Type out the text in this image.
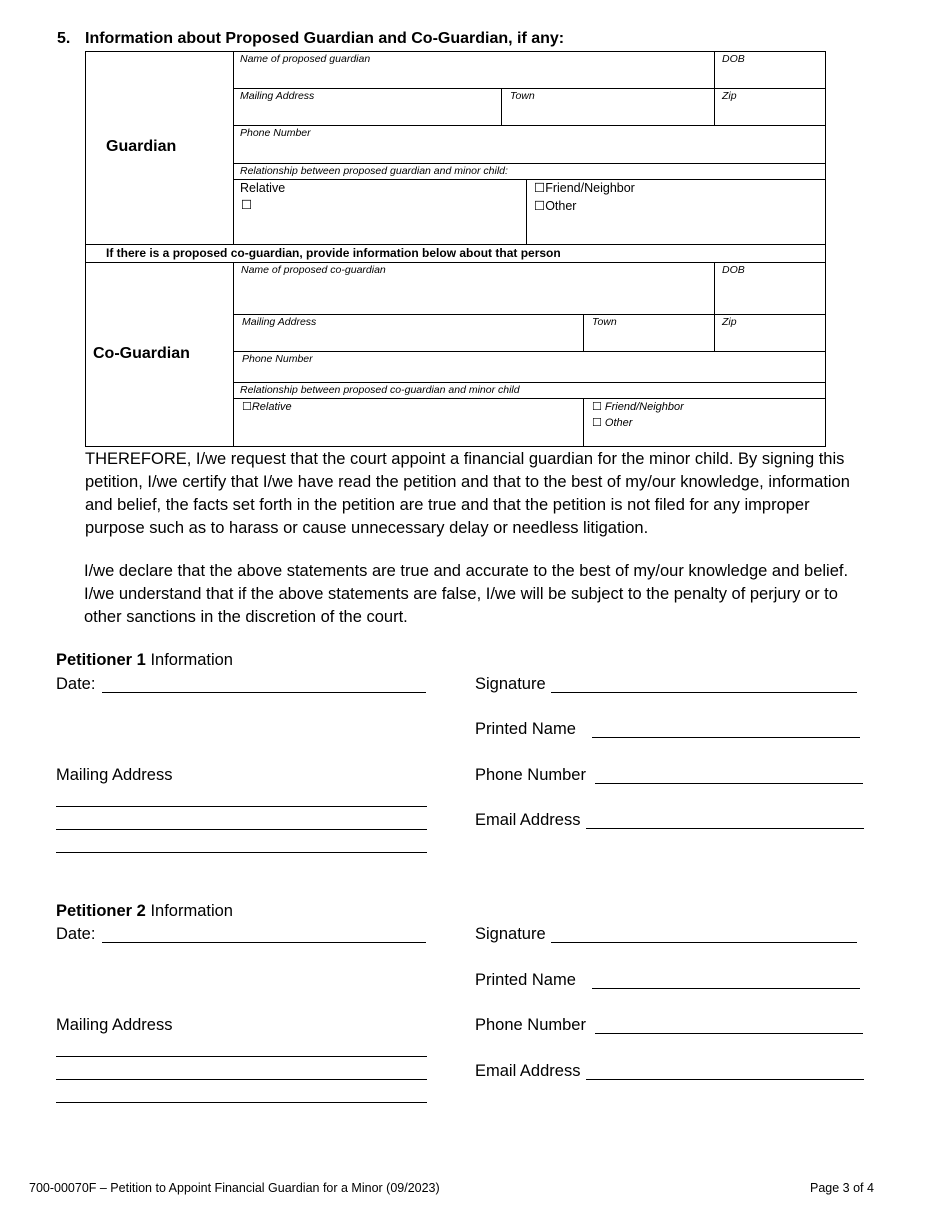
5. Information about Proposed Guardian and Co-Guardian, if any:
Guardian
Name of proposed guardian	DOB
Mailing Address	Town	Zip
Phone Number
Relationship between proposed guardian and minor child:
Relative
☐
☐Friend/Neighbor
☐Other
If there is a proposed co-guardian, provide information below about that person
Co-Guardian
Name of proposed co-guardian	DOB
Mailing Address	Town	Zip
Phone Number
Relationship between proposed co-guardian and minor child
☐Relative	☐ Friend/Neighbor
☐ Other
THEREFORE, I/we request that the court appoint a financial guardian for the minor child. By signing this petition, I/we certify that I/we have read the petition and that to the best of my/our knowledge, information and belief, the facts set forth in the petition are true and that the petition is not filed for any improper purpose such as to harass or cause unnecessary delay or needless litigation.
I/we declare that the above statements are true and accurate to the best of my/our knowledge and belief. I/we understand that if the above statements are false, I/we will be subject to the penalty of perjury or to other sanctions in the discretion of the court.
Petitioner 1 Information
Date:	Signature
Printed Name
Mailing Address	Phone Number
Email Address
Petitioner 2 Information
Date:	Signature
Printed Name
Mailing Address	Phone Number
Email Address
700-00070F – Petition to Appoint Financial Guardian for a Minor (09/2023)	Page 3 of 4
